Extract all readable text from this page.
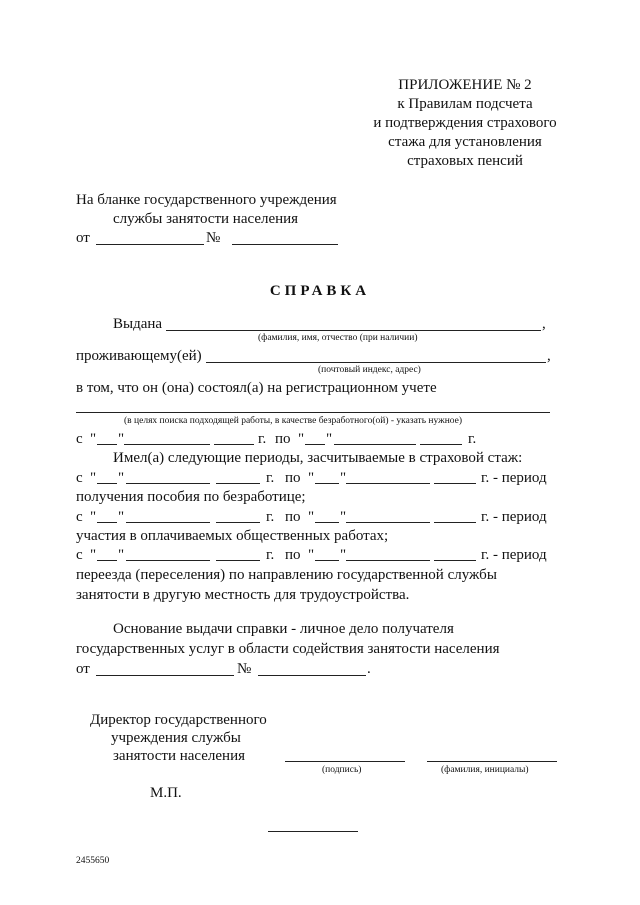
ПРИЛОЖЕНИЕ № 2
к Правилам подсчета
и подтверждения страхового
стажа для установления
страховых пенсий
На бланке государственного учреждения
службы занятости населения
от	№
СПРАВКА
Выдана	,
(фамилия, имя, отчество (при наличии)
проживающему(ей)	,
(почтовый индекс, адрес)
в том, что он (она) состоял(а) на регистрационном учете
(в целях поиска подходящей работы, в качестве безработного(ой) - указать нужное)
с " "	г. по " "	г.
Имел(а) следующие периоды, засчитываемые в страховой стаж:
с " "	г. по " "	г. - период
получения пособия по безработице;
с " "	г. по " "	г. - период
участия в оплачиваемых общественных работах;
с " "	г. по " "	г. - период
переезда (переселения) по направлению государственной службы
занятости в другую местность для трудоустройства.
Основание выдачи справки - личное дело получателя
государственных услуг в области содействия занятости населения
от	№	.
Директор государственного
учреждения службы
занятости населения
(подпись)	(фамилия, инициалы)
М.П.
2455650
